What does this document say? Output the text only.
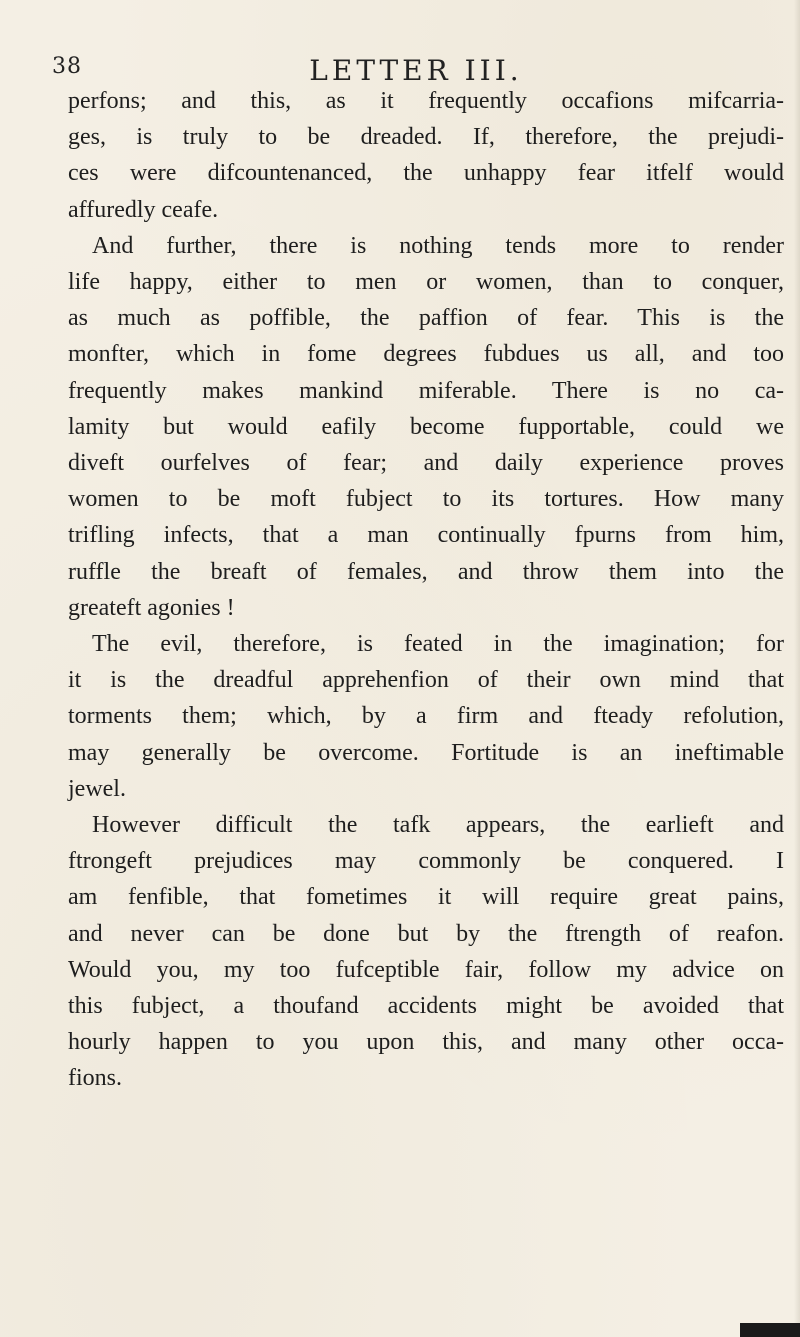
38	LETTER III.
perfons; and this, as it frequently occafions mifcarria-
ges, is truly to be dreaded. If, therefore, the prejudi-
ces were difcountenanced, the unhappy fear itfelf would
affuredly ceafe.
And further, there is nothing tends more to render
life happy, either to men or women, than to conquer,
as much as poffible, the paffion of fear. This is the
monfter, which in fome degrees fubdues us all, and too
frequently makes mankind miferable. There is no ca-
lamity but would eafily become fupportable, could we
diveft ourfelves of fear; and daily experience proves
women to be moft fubject to its tortures. How many
trifling infects, that a man continually fpurns from him,
ruffle the breaft of females, and throw them into the
greateft agonies !
The evil, therefore, is feated in the imagination; for
it is the dreadful apprehenfion of their own mind that
torments them; which, by a firm and fteady refolution,
may generally be overcome. Fortitude is an ineftimable
jewel.
However difficult the tafk appears, the earlieft and
ftrongeft prejudices may commonly be conquered. I
am fenfible, that fometimes it will require great pains,
and never can be done but by the ftrength of reafon.
Would you, my too fufceptible fair, follow my advice on
this fubject, a thoufand accidents might be avoided that
hourly happen to you upon this, and many other occa-
fions.
